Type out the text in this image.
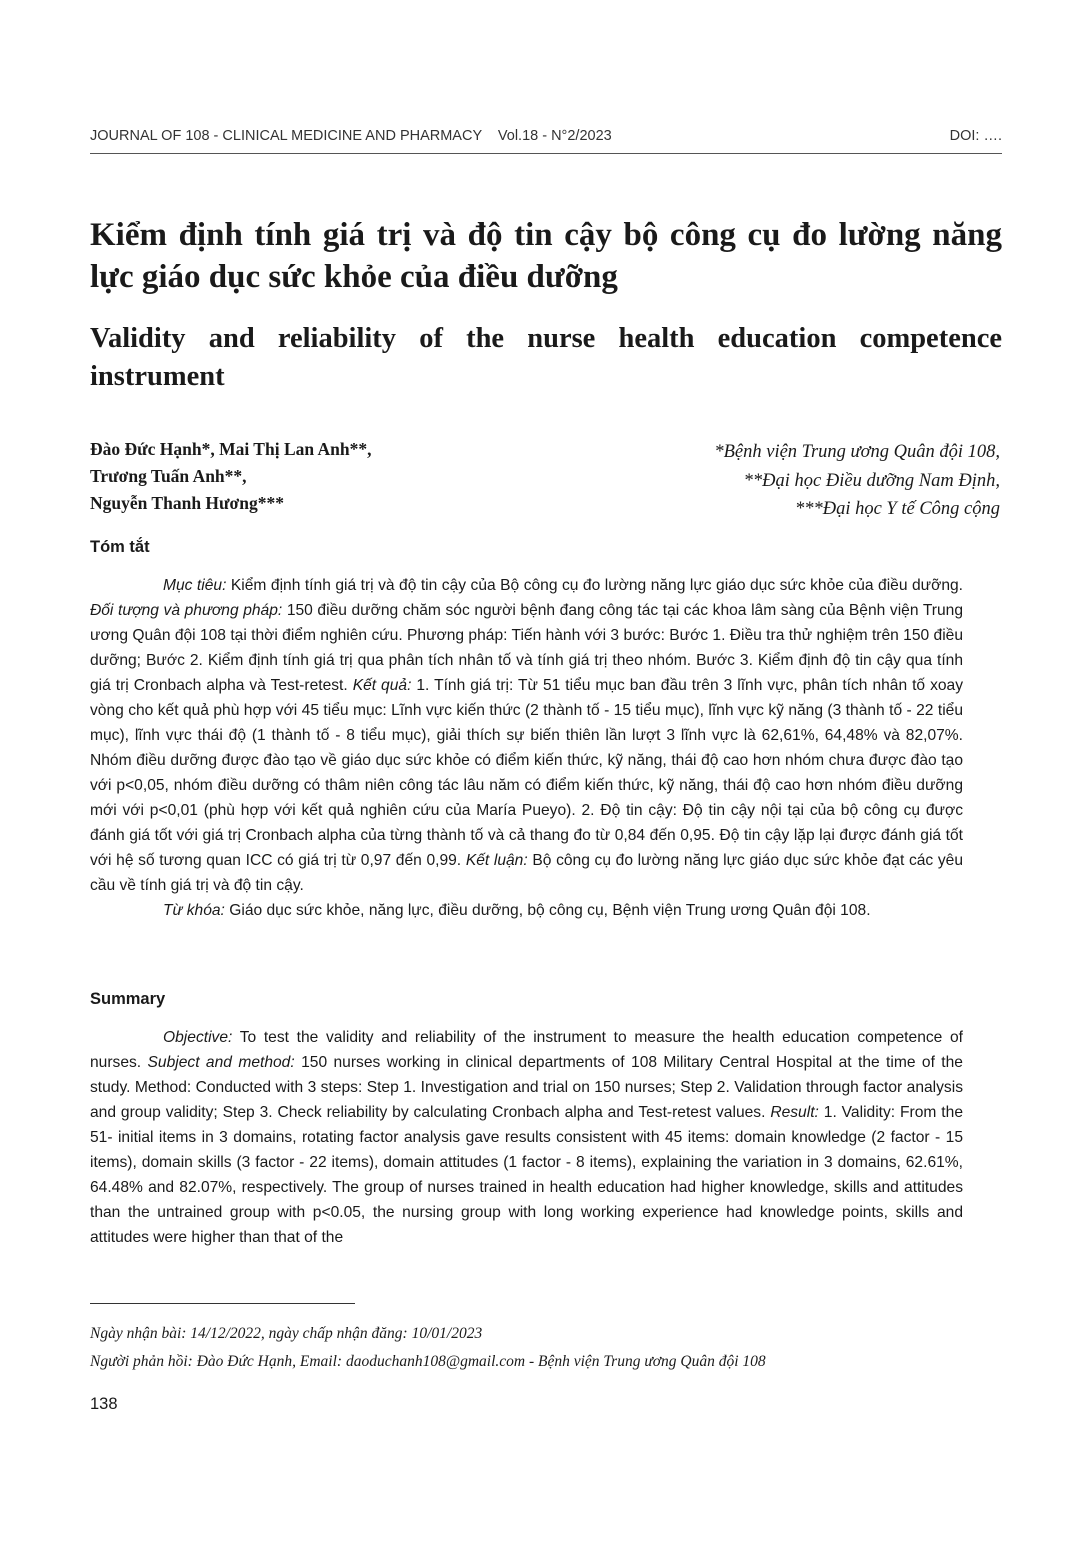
JOURNAL OF 108 - CLINICAL MEDICINE AND PHARMACY Vol.18 - N°2/2023	DOI: ….
Kiểm định tính giá trị và độ tin cậy bộ công cụ đo lường năng lực giáo dục sức khỏe của điều dưỡng
Validity and reliability of the nurse health education competence instrument
Đào Đức Hạnh*, Mai Thị Lan Anh**,
Trương Tuấn Anh**,
Nguyễn Thanh Hương***
*Bệnh viện Trung ương Quân đội 108,
**Đại học Điều dưỡng Nam Định,
***Đại học Y tế Công cộng
Tóm tắt

Mục tiêu: Kiểm định tính giá trị và độ tin cậy của Bộ công cụ đo lường năng lực giáo dục sức khỏe của điều dưỡng. Đối tượng và phương pháp: 150 điều dưỡng chăm sóc người bệnh đang công tác tại các khoa lâm sàng của Bệnh viện Trung ương Quân đội 108 tại thời điểm nghiên cứu. Phương pháp: Tiến hành với 3 bước: Bước 1. Điều tra thử nghiệm trên 150 điều dưỡng; Bước 2. Kiểm định tính giá trị qua phân tích nhân tố và tính giá trị theo nhóm. Bước 3. Kiểm định độ tin cậy qua tính giá trị Cronbach alpha và Test-retest. Kết quả: 1. Tính giá trị: Từ 51 tiểu mục ban đầu trên 3 lĩnh vực, phân tích nhân tố xoay vòng cho kết quả phù hợp với 45 tiểu mục: Lĩnh vực kiến thức (2 thành tố - 15 tiểu mục), lĩnh vực kỹ năng (3 thành tố - 22 tiểu mục), lĩnh vực thái độ (1 thành tố - 8 tiểu mục), giải thích sự biến thiên lần lượt 3 lĩnh vực là 62,61%, 64,48% và 82,07%. Nhóm điều dưỡng được đào tạo về giáo dục sức khỏe có điểm kiến thức, kỹ năng, thái độ cao hơn nhóm chưa được đào tạo với p<0,05, nhóm điều dưỡng có thâm niên công tác lâu năm có điểm kiến thức, kỹ năng, thái độ cao hơn nhóm điều dưỡng mới với p<0,01 (phù hợp với kết quả nghiên cứu của María Pueyo). 2. Độ tin cậy: Độ tin cậy nội tại của bộ công cụ được đánh giá tốt với giá trị Cronbach alpha của từng thành tố và cả thang đo từ 0,84 đến 0,95. Độ tin cậy lặp lại được đánh giá tốt với hệ số tương quan ICC có giá trị từ 0,97 đến 0,99. Kết luận: Bộ công cụ đo lường năng lực giáo dục sức khỏe đạt các yêu cầu về tính giá trị và độ tin cậy.

Từ khóa: Giáo dục sức khỏe, năng lực, điều dưỡng, bộ công cụ, Bệnh viện Trung ương Quân đội 108.

Summary

Objective: To test the validity and reliability of the instrument to measure the health education competence of nurses. Subject and method: 150 nurses working in clinical departments of 108 Military Central Hospital at the time of the study. Method: Conducted with 3 steps: Step 1. Investigation and trial on 150 nurses; Step 2. Validation through factor analysis and group validity; Step 3. Check reliability by calculating Cronbach alpha and Test-retest values. Result: 1. Validity: From the 51- initial items in 3 domains, rotating factor analysis gave results consistent with 45 items: domain knowledge (2 factor - 15 items), domain skills (3 factor - 22 items), domain attitudes (1 factor - 8 items), explaining the variation in 3 domains, 62.61%, 64.48% and 82.07%, respectively. The group of nurses trained in health education had higher knowledge, skills and attitudes than the untrained group with p<0.05, the nursing group with long working experience had knowledge points, skills and attitudes were higher than that of the

Ngày nhận bài: 14/12/2022, ngày chấp nhận đăng: 10/01/2023
Người phản hồi: Đào Đức Hạnh, Email: daoduchanh108@gmail.com - Bệnh viện Trung ương Quân đội 108
138
